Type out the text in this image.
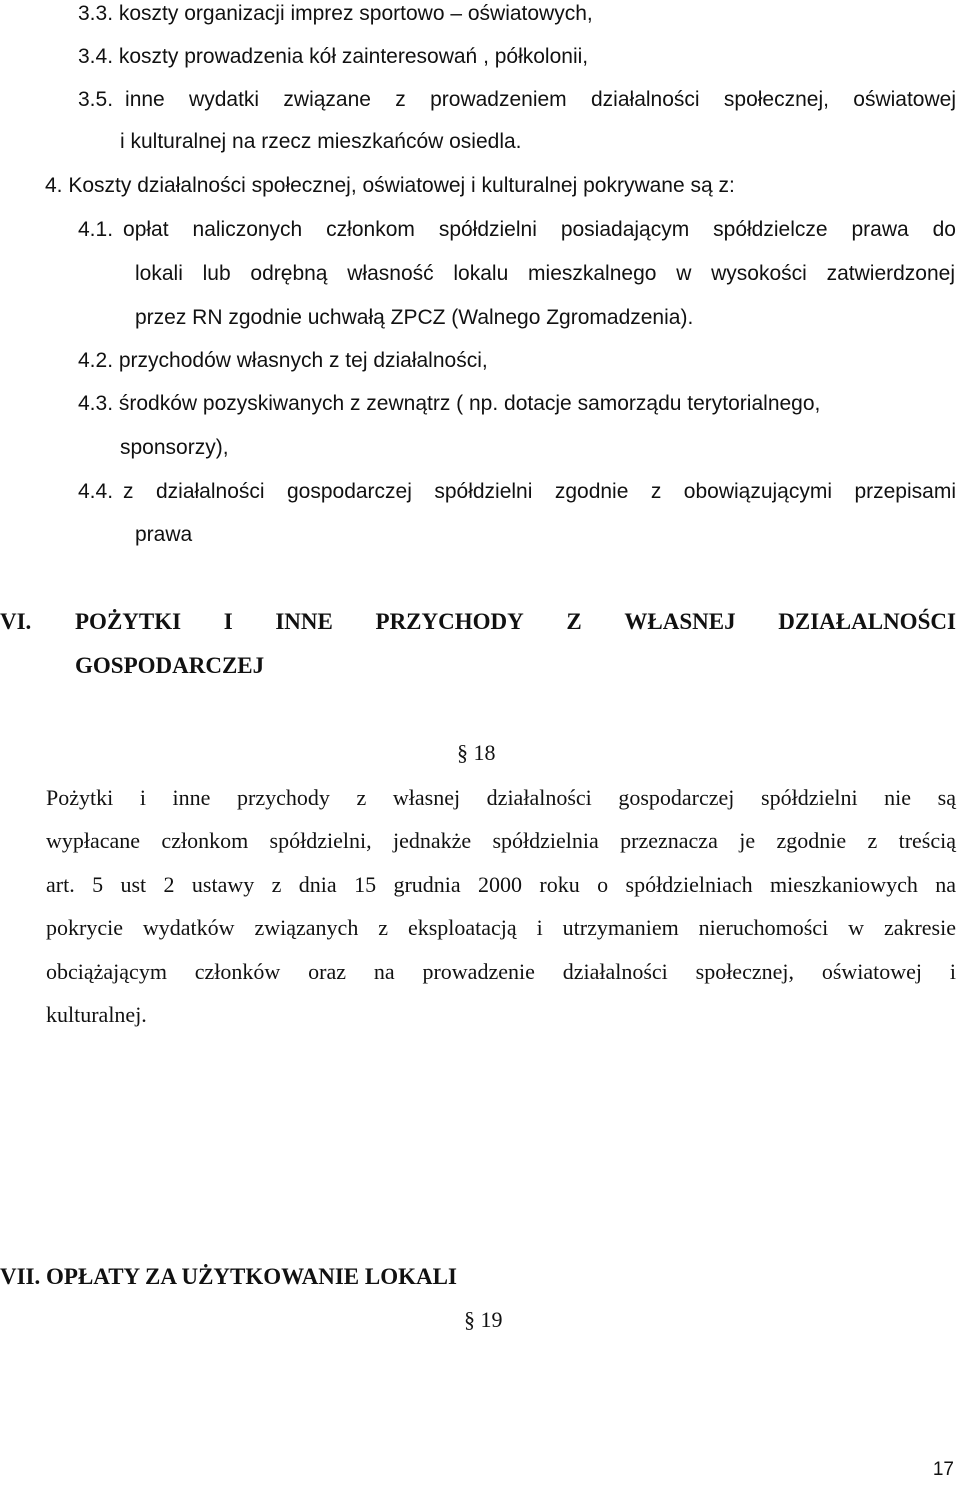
3.3. koszty organizacji imprez sportowo – oświatowych,
3.4. koszty prowadzenia kół zainteresowań , półkolonii,
3.5. inne wydatki związane z prowadzeniem działalności społecznej, oświatowej
i kulturalnej na rzecz mieszkańców osiedla.
4. Koszty działalności społecznej, oświatowej i kulturalnej pokrywane są z:
4.1. opłat naliczonych członkom spółdzielni posiadającym spółdzielcze prawa do
lokali lub odrębną własność lokalu mieszkalnego w wysokości zatwierdzonej
przez RN zgodnie uchwałą ZPCZ (Walnego Zgromadzenia).
4.2. przychodów własnych z tej działalności,
4.3. środków pozyskiwanych z zewnątrz ( np. dotacje samorządu terytorialnego,
sponsorzy),
4.4. z działalności gospodarczej spółdzielni zgodnie z obowiązującymi przepisami
prawa
VI. POŻYTKI I INNE PRZYCHODY Z WŁASNEJ DZIAŁALNOŚCI
GOSPODARCZEJ
§ 18
Pożytki i inne przychody z własnej działalności gospodarczej spółdzielni nie są
wypłacane członkom spółdzielni, jednakże spółdzielnia przeznacza je zgodnie z treścią
art. 5 ust 2 ustawy z dnia 15 grudnia 2000 roku o spółdzielniach mieszkaniowych na
pokrycie wydatków związanych z eksploatacją i utrzymaniem nieruchomości w zakresie
obciążającym członków oraz na prowadzenie działalności społecznej, oświatowej i
kulturalnej.
VII. OPŁATY ZA UŻYTKOWANIE LOKALI
§ 19
17
